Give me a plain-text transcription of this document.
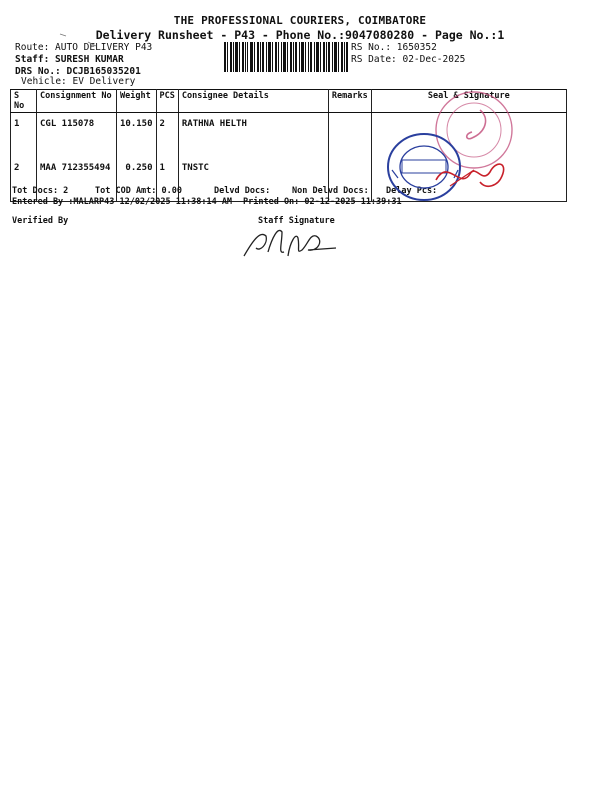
THE PROFESSIONAL COURIERS, COIMBATORE
Delivery Runsheet - P43 - Phone No.:9047080280 - Page No.:1
Route: AUTO DELIVERY P43
Staff: SURESH KUMAR
DRS No.: DCJB165035201
Vehicle: EV Delivery
RS No.: 1650352
RS Date: 02-Dec-2025
S No	Consignment No	Weight	PCS	Consignee Details	Remarks	Seal & Signature
1	CGL 115078	10.150	2	RATHNA HELTH		
2	MAA 712355494	0.250	1	TNSTC		
Tot Docs: 2	Tot COD Amt: 0.00	Delvd Docs:	Non Delvd Docs: Delay Pcs:
Entered By :MALARP43 12/02/2025 11:38:14 AM Printed On: 02-12-2025 11:39:31
Verified By	Staff Signature
